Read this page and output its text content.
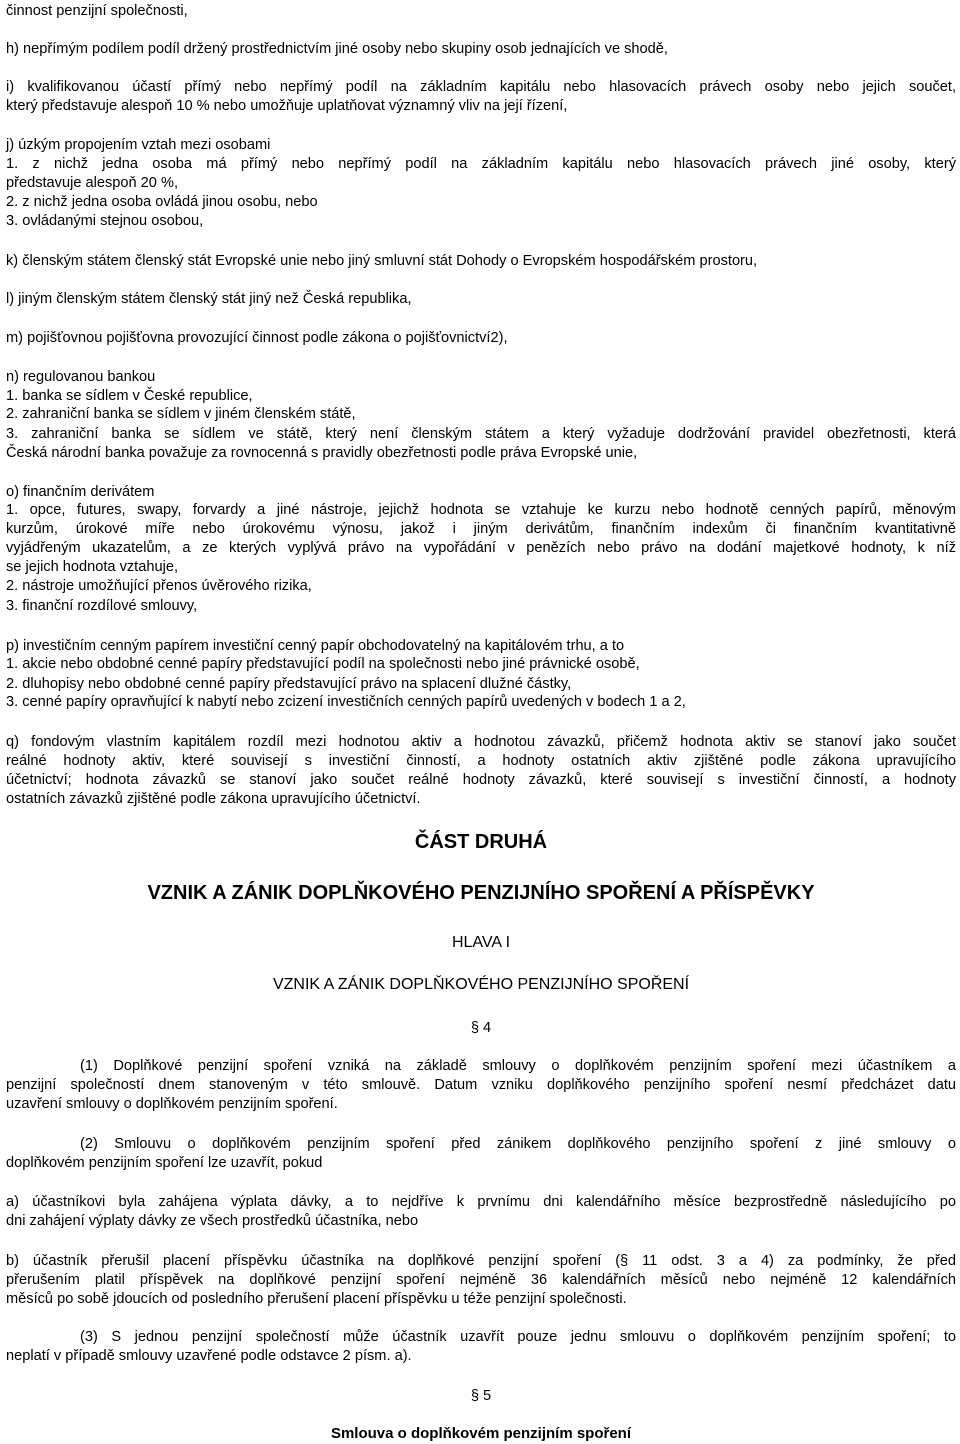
činnost penzijní společnosti,
h) nepřímým podílem podíl držený prostřednictvím jiné osoby nebo skupiny osob jednajících ve shodě,
i) kvalifikovanou účastí přímý nebo nepřímý podíl na základním kapitálu nebo hlasovacích právech osoby nebo jejich součet,
který představuje alespoň 10 % nebo umožňuje uplatňovat významný vliv na její řízení,
j) úzkým propojením vztah mezi osobami
1. z nichž jedna osoba má přímý nebo nepřímý podíl na základním kapitálu nebo hlasovacích právech jiné osoby, který
představuje alespoň 20 %,
2. z nichž jedna osoba ovládá jinou osobu, nebo
3. ovládanými stejnou osobou,
k) členským státem členský stát Evropské unie nebo jiný smluvní stát Dohody o Evropském hospodářském prostoru,
l) jiným členským státem členský stát jiný než Česká republika,
m) pojišťovnou pojišťovna provozující činnost podle zákona o pojišťovnictví2),
n) regulovanou bankou
1. banka se sídlem v České republice,
2. zahraniční banka se sídlem v jiném členském státě,
3. zahraniční banka se sídlem ve státě, který není členským státem a který vyžaduje dodržování pravidel obezřetnosti, která
Česká národní banka považuje za rovnocenná s pravidly obezřetnosti podle práva Evropské unie,
o) finančním derivátem
1. opce, futures, swapy, forvardy a jiné nástroje, jejichž hodnota se vztahuje ke kurzu nebo hodnotě cenných papírů, měnovým
kurzům, úrokové míře nebo úrokovému výnosu, jakož i jiným derivátům, finančním indexům či finančním kvantitativně
vyjádřeným ukazatelům, a ze kterých vyplývá právo na vypořádání v penězích nebo právo na dodání majetkové hodnoty, k níž
se jejich hodnota vztahuje,
2. nástroje umožňující přenos úvěrového rizika,
3. finanční rozdílové smlouvy,
p) investičním cenným papírem investiční cenný papír obchodovatelný na kapitálovém trhu, a to
1. akcie nebo obdobné cenné papíry představující podíl na společnosti nebo jiné právnické osobě,
2. dluhopisy nebo obdobné cenné papíry představující právo na splacení dlužné částky,
3. cenné papíry opravňující k nabytí nebo zcizení investičních cenných papírů uvedených v bodech 1 a 2,
q) fondovým vlastním kapitálem rozdíl mezi hodnotou aktiv a hodnotou závazků, přičemž hodnota aktiv se stanoví jako součet
reálné hodnoty aktiv, které souvisejí s investiční činností, a hodnoty ostatních aktiv zjištěné podle zákona upravujícího
účetnictví; hodnota závazků se stanoví jako součet reálné hodnoty závazků, které souvisejí s investiční činností, a hodnoty
ostatních závazků zjištěné podle zákona upravujícího účetnictví.
ČÁST DRUHÁ
VZNIK A ZÁNIK DOPLŇKOVÉHO PENZIJNÍHO SPOŘENÍ A PŘÍSPĚVKY
HLAVA I
VZNIK A ZÁNIK DOPLŇKOVÉHO PENZIJNÍHO SPOŘENÍ
§ 4
(1) Doplňkové penzijní spoření vzniká na základě smlouvy o doplňkovém penzijním spoření mezi účastníkem a
penzijní společností dnem stanoveným v této smlouvě. Datum vzniku doplňkového penzijního spoření nesmí předcházet datu
uzavření smlouvy o doplňkovém penzijním spoření.
(2) Smlouvu o doplňkovém penzijním spoření před zánikem doplňkového penzijního spoření z jiné smlouvy o
doplňkovém penzijním spoření lze uzavřít, pokud
a) účastníkovi byla zahájena výplata dávky, a to nejdříve k prvnímu dni kalendářního měsíce bezprostředně následujícího po
dni zahájení výplaty dávky ze všech prostředků účastníka, nebo
b) účastník přerušil placení příspěvku účastníka na doplňkové penzijní spoření (§ 11 odst. 3 a 4) za podmínky, že před
přerušením platil příspěvek na doplňkové penzijní spoření nejméně 36 kalendářních měsíců nebo nejméně 12 kalendářních
měsíců po sobě jdoucích od posledního přerušení placení příspěvku u téže penzijní společnosti.
(3) S jednou penzijní společností může účastník uzavřít pouze jednu smlouvu o doplňkovém penzijním spoření; to
neplatí v případě smlouvy uzavřené podle odstavce 2 písm. a).
§ 5
Smlouva o doplňkovém penzijním spoření
